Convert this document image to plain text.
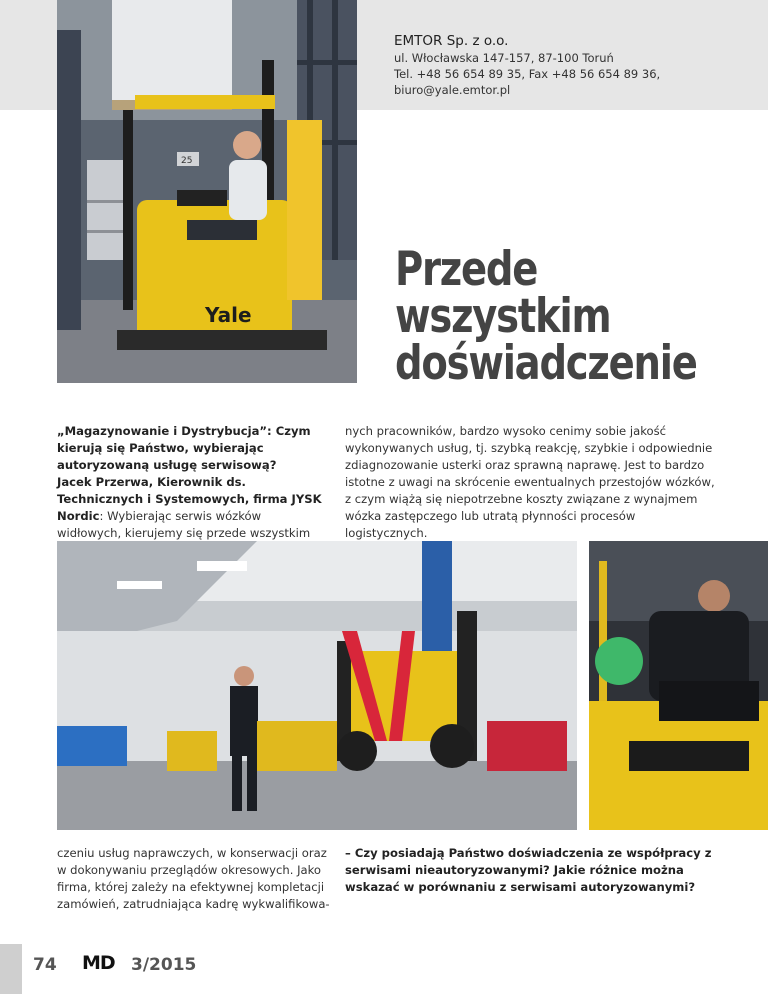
EMTOR Sp. z o.o.
ul. Włocławska 147-157, 87-100 Toruń
Tel. +48 56 654 89 35, Fax +48 56 654 89 36,
biuro@yale.emtor.pl
Yale
25
Przede
wszystkim
doświadczenie
„Magazynowanie i Dystrybucja”: Czym kierują się Państwo, wybierając autoryzowaną usługę serwisową?
Jacek Przerwa, Kierownik ds. Technicznych i Systemowych, firma JYSK Nordic: Wybierając serwis wózków widłowych, kierujemy się przede wszystkim
nych pracowników, bardzo wysoko cenimy sobie jakość wykonywanych usług, tj. szybką reakcję, szybkie i odpowiednie zdiagnozowanie usterki oraz sprawną naprawę. Jest to bardzo istotne z uwagi na skrócenie ewentualnych przestojów wózków, z czym wiążą się niepotrzebne koszty związane z wynajmem wózka zastępczego lub utratą płynności procesów logistycznych.
czeniu usług naprawczych, w konserwacji oraz w dokonywaniu przeglądów okresowych. Jako firma, której zależy na efektywnej kompletacji zamówień, zatrudniająca kadrę wykwalifikowa-
– Czy posiadają Państwo doświadczenia ze współpracy z serwisami nieautoryzowanymi? Jakie różnice można wskazać w porównaniu z serwisami autoryzowanymi?
74 MD 3/2015
